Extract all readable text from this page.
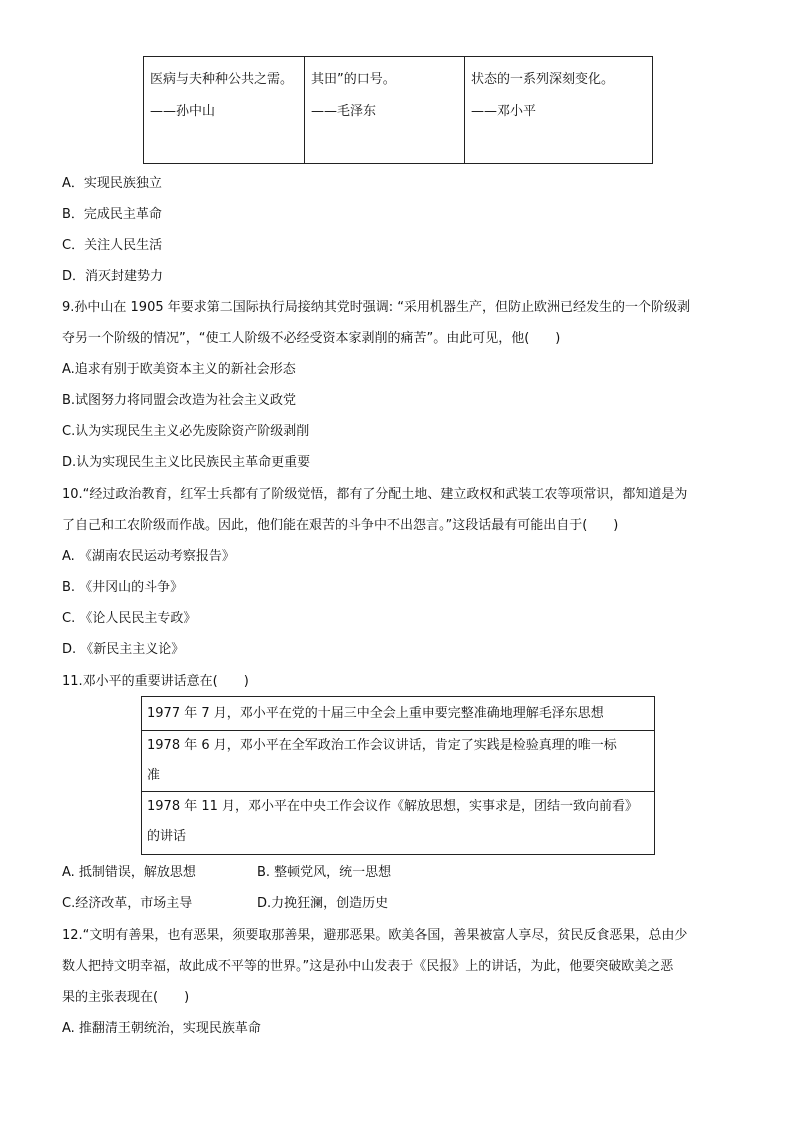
医病与夫种种公共之需。
——孙中山
其田”的口号。
——毛泽东
状态的一系列深刻变化。
——邓小平
A．实现民族独立
B．完成民主革命
C．关注人民生活
D．消灭封建势力
9.孙中山在 1905 年要求第二国际执行局接纳其党时强调: “采用机器生产，但防止欧洲已经发生的一个阶级剥
夺另一个阶级的情况”，“使工人阶级不必经受资本家剥削的痛苦”。由此可见，他(　　)
A.追求有别于欧美资本主义的新社会形态
B.试图努力将同盟会改造为社会主义政党
C.认为实现民生主义必先废除资产阶级剥削
D.认为实现民生主义比民族民主革命更重要
10.“经过政治教育，红军士兵都有了阶级觉悟，都有了分配土地、建立政权和武装工农等项常识，都知道是为
了自己和工农阶级而作战。因此，他们能在艰苦的斗争中不出怨言。”这段话最有可能出自于(　　)
A. 《湖南农民运动考察报告》
B. 《井冈山的斗争》
C. 《论人民民主专政》
D. 《新民主主义论》
11.邓小平的重要讲话意在(　　)
1977 年 7 月，邓小平在党的十届三中全会上重申要完整准确地理解毛泽东思想
1978 年 6 月，邓小平在全军政治工作会议讲话，肯定了实践是检验真理的唯一标
准
1978 年 11 月，邓小平在中央工作会议作《解放思想，实事求是，团结一致向前看》
的讲话
A. 抵制错误，解放思想	B. 整顿党风，统一思想
C.经济改革，市场主导	D.力挽狂澜，创造历史
12.“文明有善果，也有恶果，须要取那善果，避那恶果。欧美各国，善果被富人享尽，贫民反食恶果，总由少
数人把持文明幸福，故此成不平等的世界。”这是孙中山发表于《民报》上的讲话，为此，他要突破欧美之恶
果的主张表现在(　　)
A. 推翻清王朝统治，实现民族革命
